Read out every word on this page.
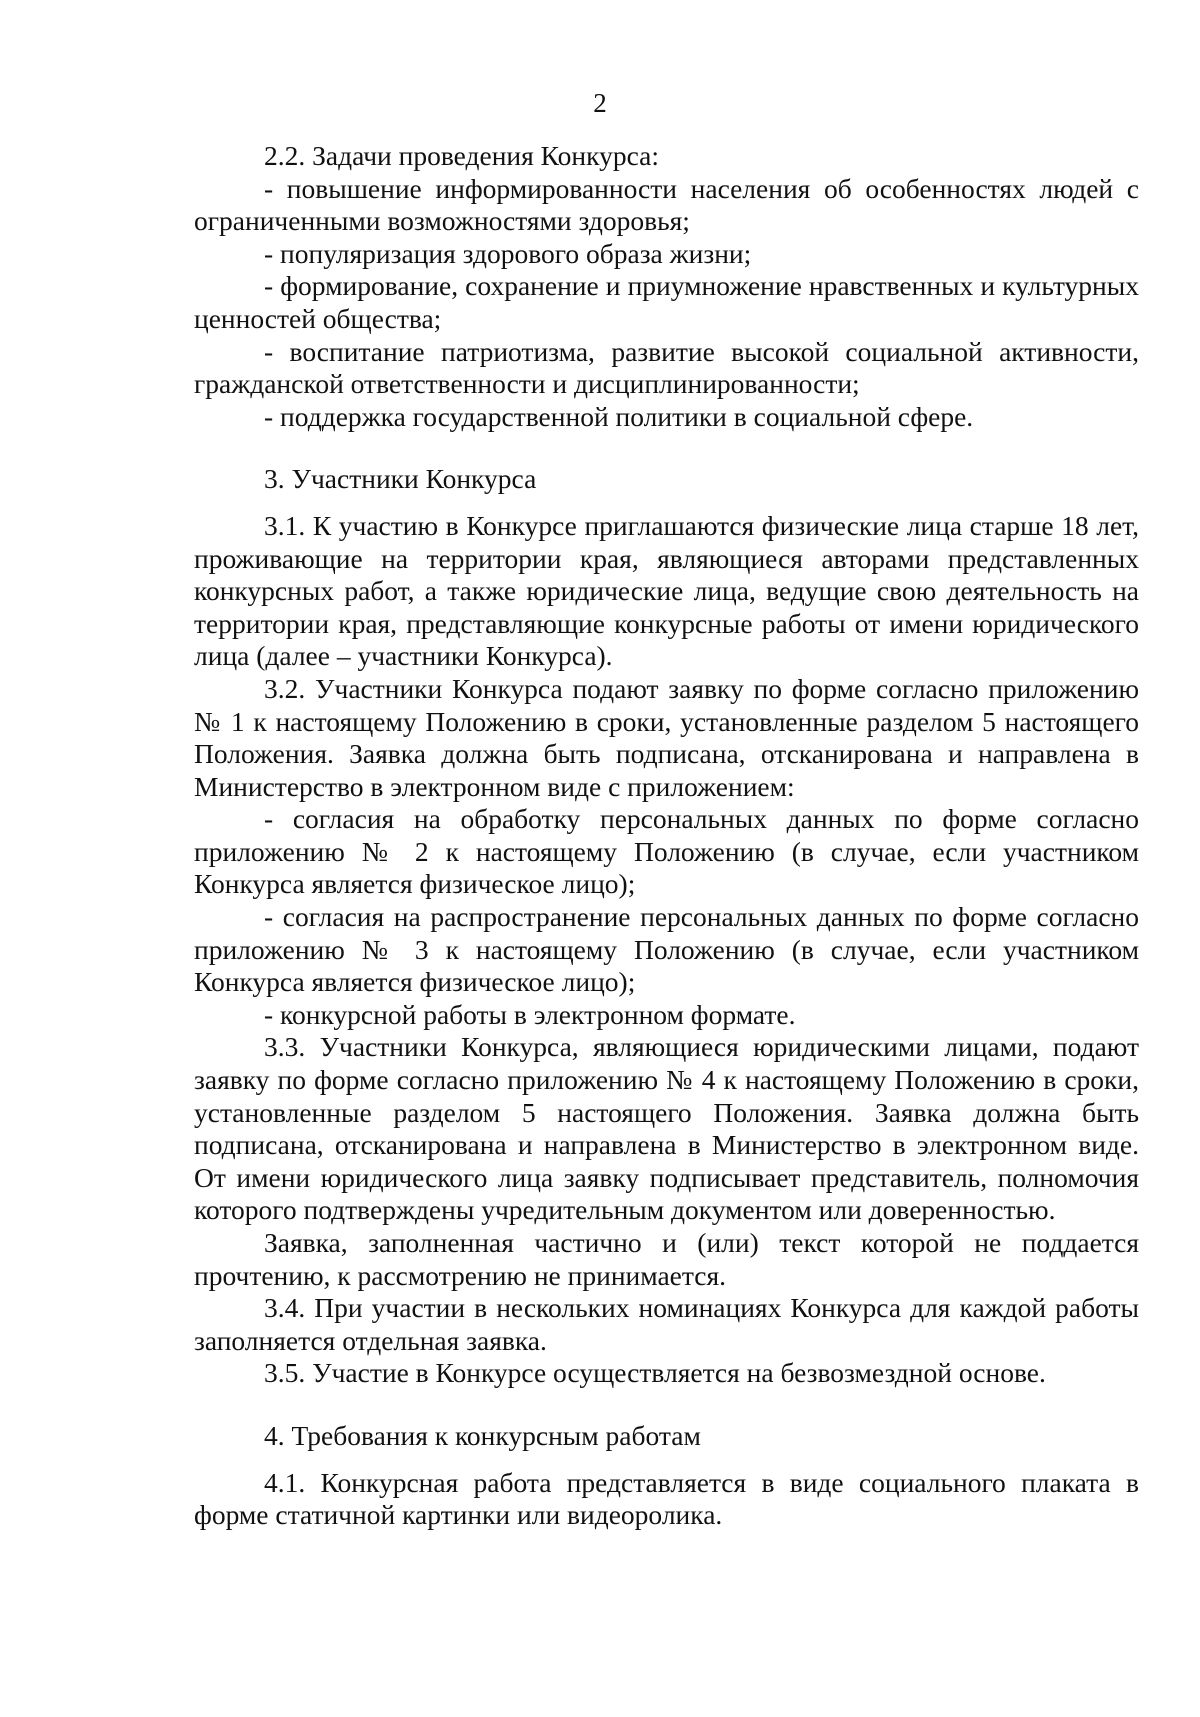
2

2.2. Задачи проведения Конкурса:

- повышение информированности населения об особенностях людей с ограниченными возможностями здоровья;

- популяризация здорового образа жизни;

- формирование, сохранение и приумножение нравственных и культурных ценностей общества;

- воспитание патриотизма, развитие высокой социальной активности, гражданской ответственности и дисциплинированности;

- поддержка государственной политики в социальной сфере.

3. Участники Конкурса

3.1. К участию в Конкурсе приглашаются физические лица старше 18 лет, проживающие на территории края, являющиеся авторами представленных конкурсных работ, а также юридические лица, ведущие свою деятельность на территории края, представляющие конкурсные работы от имени юридического лица (далее – участники Конкурса).

3.2. Участники Конкурса подают заявку по форме согласно приложению № 1 к настоящему Положению в сроки, установленные разделом 5 настоящего Положения. Заявка должна быть подписана, отсканирована и направлена в Министерство в электронном виде с приложением:

- согласия на обработку персональных данных по форме согласно приложению № 2 к настоящему Положению (в случае, если участником Конкурса является физическое лицо);

- согласия на распространение персональных данных по форме согласно приложению № 3 к настоящему Положению (в случае, если участником Конкурса является физическое лицо);

- конкурсной работы в электронном формате.

3.3. Участники Конкурса, являющиеся юридическими лицами, подают заявку по форме согласно приложению № 4 к настоящему Положению в сроки, установленные разделом 5 настоящего Положения. Заявка должна быть подписана, отсканирована и направлена в Министерство в электронном виде. От имени юридического лица заявку подписывает представитель, полномочия которого подтверждены учредительным документом или доверенностью.

Заявка, заполненная частично и (или) текст которой не поддается прочтению, к рассмотрению не принимается.

3.4. При участии в нескольких номинациях Конкурса для каждой работы заполняется отдельная заявка.

3.5. Участие в Конкурсе осуществляется на безвозмездной основе.

4. Требования к конкурсным работам

4.1. Конкурсная работа представляется в виде социального плаката в форме статичной картинки или видеоролика.
